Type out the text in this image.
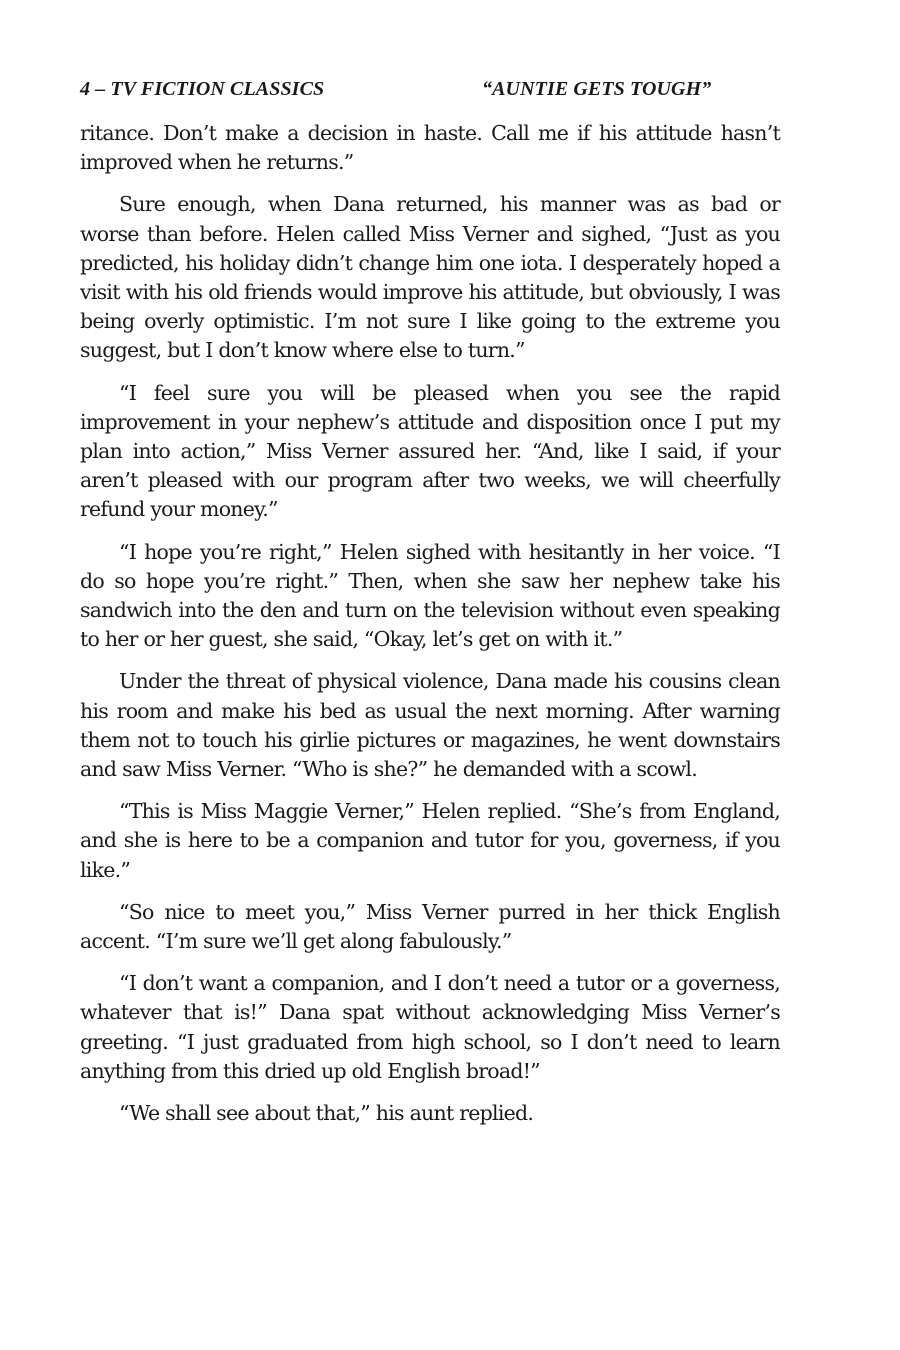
4 – TV FICTION CLASSICS	“AUNTIE GETS TOUGH”

ritance. Don’t make a decision in haste. Call me if his attitude hasn’t improved when he returns.”

Sure enough, when Dana returned, his manner was as bad or worse than before. Helen called Miss Verner and sighed, “Just as you predicted, his holiday didn’t change him one iota. I desperately hoped a visit with his old friends would improve his attitude, but obviously, I was being overly optimistic. I’m not sure I like going to the extreme you suggest, but I don’t know where else to turn.”

“I feel sure you will be pleased when you see the rapid improvement in your nephew’s attitude and disposition once I put my plan into action,” Miss Verner assured her. “And, like I said, if your aren’t pleased with our program after two weeks, we will cheerfully refund your money.”

“I hope you’re right,” Helen sighed with hesitantly in her voice. “I do so hope you’re right.” Then, when she saw her nephew take his sandwich into the den and turn on the television without even speaking to her or her guest, she said, “Okay, let’s get on with it.”

Under the threat of physical violence, Dana made his cousins clean his room and make his bed as usual the next morning. After warning them not to touch his girlie pictures or magazines, he went downstairs and saw Miss Verner. “Who is she?” he demanded with a scowl.

“This is Miss Maggie Verner,” Helen replied. “She’s from England, and she is here to be a companion and tutor for you, governess, if you like.”

“So nice to meet you,” Miss Verner purred in her thick English accent. “I’m sure we’ll get along fabulously.”

“I don’t want a companion, and I don’t need a tutor or a governess, whatever that is!” Dana spat without acknowledging Miss Verner’s greeting. “I just graduated from high school, so I don’t need to learn anything from this dried up old English broad!”

“We shall see about that,” his aunt replied.
